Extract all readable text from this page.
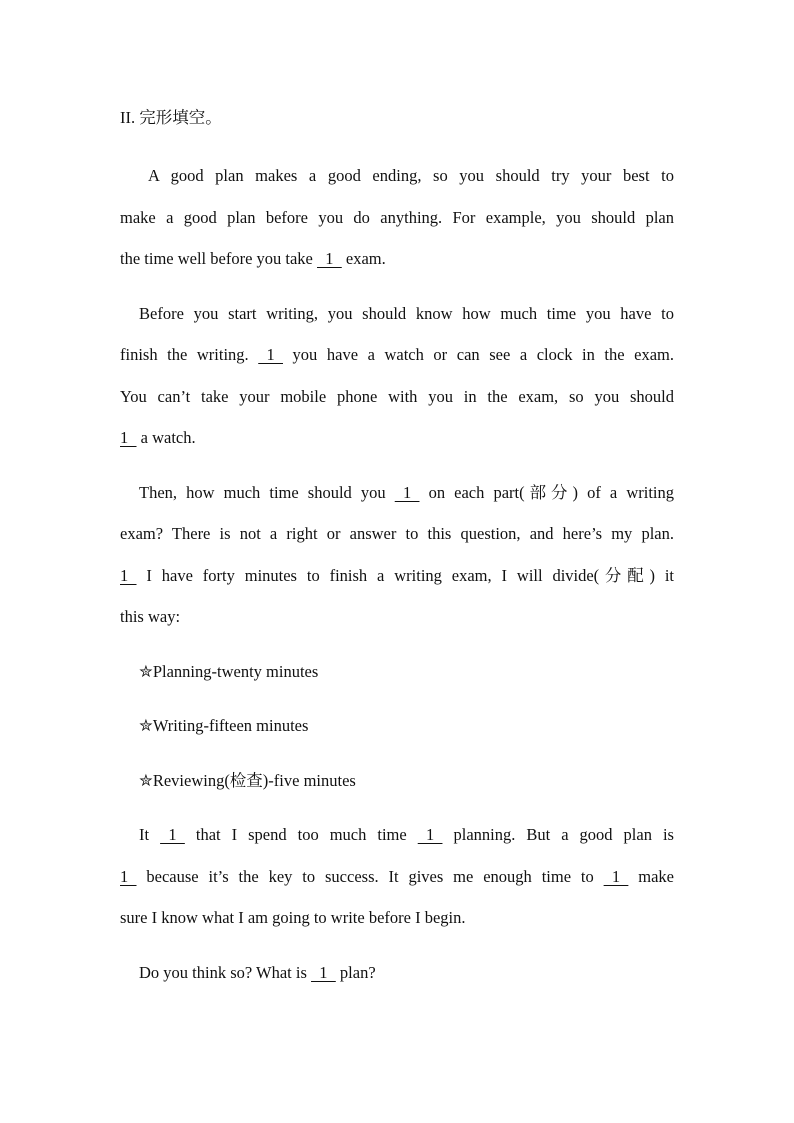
II. 完形填空。
A good plan makes a good ending, so you should try your best to
make a good plan before you do anything. For example, you should plan
the time well before you take   1   exam.
Before you start writing, you should know how much time you have to
finish the writing.   1   you have a watch or can see a clock in the exam.
You can’t take your mobile phone with you in the exam, so you should
1   a watch.
Then, how much time should you   1   on each part(部分) of a writing
exam? There is not a right or answer to this question, and here’s my plan.
1   I have forty minutes to finish a writing exam, I will divide(分配) it
this way:
✮Planning-twenty minutes
✮Writing-fifteen minutes
✮Reviewing(检查)-five minutes
It   1   that I spend too much time   1   planning. But a good plan is
1   because it’s the key to success. It gives me enough time to   1   make
sure I know what I am going to write before I begin.
Do you think so? What is   1   plan?
